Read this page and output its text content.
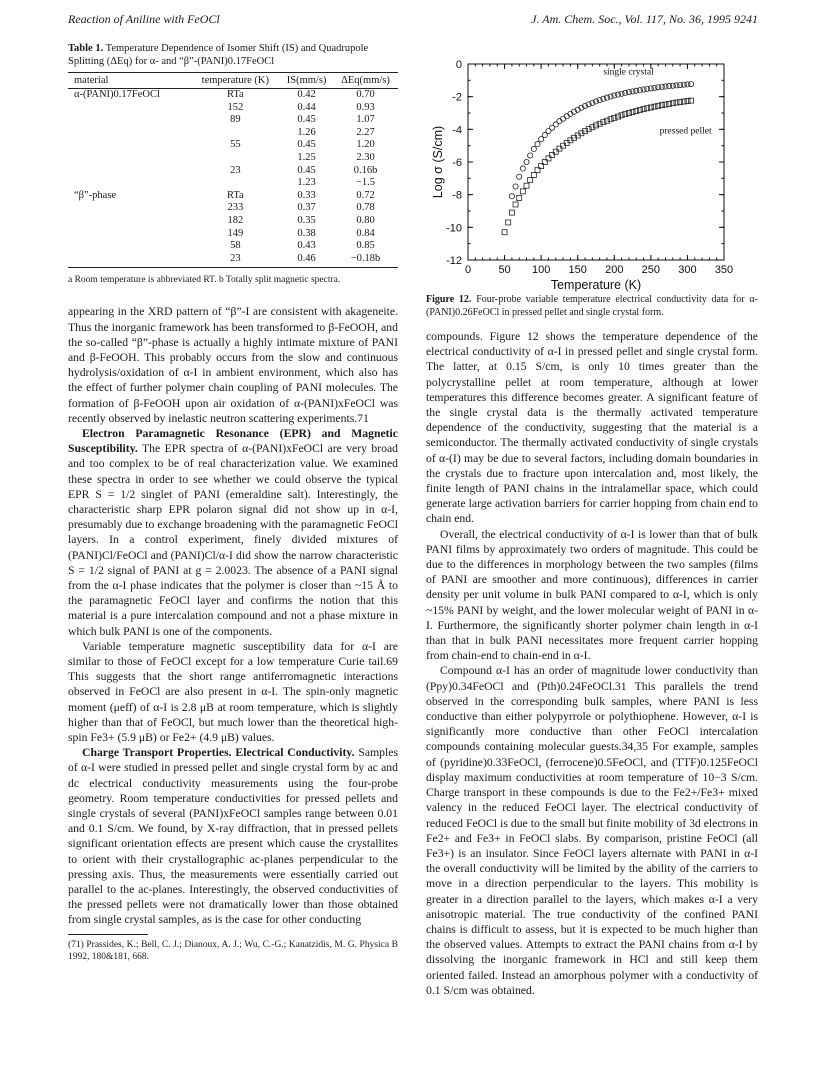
Reaction of Aniline with FeOCl	J. Am. Chem. Soc., Vol. 117, No. 36, 1995 9241
Table 1. Temperature Dependence of Isomer Shift (IS) and Quadrupole Splitting (ΔEq) for α- and “β”-(PANI)0.17FeOCl
material	temperature (K)	IS(mm/s)	ΔEq(mm/s)
α-(PANI)0.17FeOCl	RTa	0.42	0.70
	152	0.44	0.93
	89	0.45	1.07
		1.26	2.27
	55	0.45	1.20
		1.25	2.30
	23	0.45	0.16b
		1.23	−1.5
“β”-phase	RTa	0.33	0.72
	233	0.37	0.78
	182	0.35	0.80
	149	0.38	0.84
	58	0.43	0.85
	23	0.46	−0.18b
a Room temperature is abbreviated RT. b Totally split magnetic spectra.

appearing in the XRD pattern of “β”-I are consistent with akageneite. Thus the inorganic framework has been transformed to β-FeOOH, and the so-called “β”-phase is actually a highly intimate mixture of PANI and β-FeOOH. This probably occurs from the slow and continuous hydrolysis/oxidation of α-I in ambient environment, which also has the effect of further polymer chain coupling of PANI molecules. The formation of β-FeOOH upon air oxidation of α-(PANI)xFeOCl was recently observed by inelastic neutron scattering experiments.71

Electron Paramagnetic Resonance (EPR) and Magnetic Susceptibility. The EPR spectra of α-(PANI)xFeOCl are very broad and too complex to be of real characterization value. We examined these spectra in order to see whether we could observe the typical EPR S = 1/2 singlet of PANI (emeraldine salt). Interestingly, the characteristic sharp EPR polaron signal did not show up in α-I, presumably due to exchange broadening with the paramagnetic FeOCl layers. In a control experiment, finely divided mixtures of (PANI)Cl/FeOCl and (PANI)Cl/α-I did show the narrow characteristic S = 1/2 signal of PANI at g = 2.0023. The absence of a PANI signal from the α-I phase indicates that the polymer is closer than ~15 Å to the paramagnetic FeOCl layer and confirms the notion that this material is a pure intercalation compound and not a phase mixture in which bulk PANI is one of the components.

Variable temperature magnetic susceptibility data for α-I are similar to those of FeOCl except for a low temperature Curie tail.69 This suggests that the short range antiferromagnetic interactions observed in FeOCl are also present in α-I. The spin-only magnetic moment (μeff) of α-I is 2.8 μB at room temperature, which is slightly higher than that of FeOCl, but much lower than the theoretical high-spin Fe3+ (5.9 μB) or Fe2+ (4.9 μB) values.

Charge Transport Properties. Electrical Conductivity. Samples of α-I were studied in pressed pellet and single crystal form by ac and dc electrical conductivity measurements using the four-probe geometry. Room temperature conductivities for pressed pellets and single crystals of several (PANI)xFeOCl samples range between 0.01 and 0.1 S/cm. We found, by X-ray diffraction, that in pressed pellets significant orientation effects are present which cause the crystallites to orient with their crystallographic ac-planes perpendicular to the pressing axis. Thus, the measurements were essentially carried out parallel to the ac-planes. Interestingly, the observed conductivities of the pressed pellets were not dramatically lower than those obtained from single crystal samples, as is the case for other conducting

(71) Prassides, K.; Bell, C. J.; Dianoux, A. J.; Wu, C.-G.; Kanatzidis, M. G. Physica B 1992, 180&181, 668.
0 50 100 150 200 250 300 350
0
-2
-4
-6
-8
-10
-12
Temperature (K)
Log σ (S/cm)
single crystal
pressed pellet
Figure 12. Four-probe variable temperature electrical conductivity data for α-(PANI)0.26FeOCl in pressed pellet and single crystal form.

compounds. Figure 12 shows the temperature dependence of the electrical conductivity of α-I in pressed pellet and single crystal form. The latter, at 0.15 S/cm, is only 10 times greater than the polycrystalline pellet at room temperature, although at lower temperatures this difference becomes greater. A significant feature of the single crystal data is the thermally activated temperature dependence of the conductivity, suggesting that the material is a semiconductor. The thermally activated conductivity of single crystals of α-(I) may be due to several factors, including domain boundaries in the crystals due to fracture upon intercalation and, most likely, the finite length of PANI chains in the intralamellar space, which could generate large activation barriers for carrier hopping from chain end to chain end.

Overall, the electrical conductivity of α-I is lower than that of bulk PANI films by approximately two orders of magnitude. This could be due to the differences in morphology between the two samples (films of PANI are smoother and more continuous), differences in carrier density per unit volume in bulk PANI compared to α-I, which is only ~15% PANI by weight, and the lower molecular weight of PANI in α-I. Furthermore, the significantly shorter polymer chain length in α-I than that in bulk PANI necessitates more frequent carrier hopping from chain-end to chain-end in α-I.

Compound α-I has an order of magnitude lower conductivity than (Ppy)0.34FeOCl and (Pth)0.24FeOCl.31 This parallels the trend observed in the corresponding bulk samples, where PANI is less conductive than either polypyrrole or polythiophene. However, α-I is significantly more conductive than other FeOCl intercalation compounds containing molecular guests.34,35 For example, samples of (pyridine)0.33FeOCl, (ferrocene)0.5FeOCl, and (TTF)0.125FeOCl display maximum conductivities at room temperature of 10−3 S/cm. Charge transport in these compounds is due to the Fe2+/Fe3+ mixed valency in the reduced FeOCl layer. The electrical conductivity of reduced FeOCl is due to the small but finite mobility of 3d electrons in Fe2+ and Fe3+ in FeOCl slabs. By comparison, pristine FeOCl (all Fe3+) is an insulator. Since FeOCl layers alternate with PANI in α-I the overall conductivity will be limited by the ability of the carriers to move in a direction perpendicular to the layers. This mobility is greater in a direction parallel to the layers, which makes α-I a very anisotropic material. The true conductivity of the confined PANI chains is difficult to assess, but it is expected to be much higher than the observed values. Attempts to extract the PANI chains from α-I by dissolving the inorganic framework in HCl and still keep them oriented failed. Instead an amorphous polymer with a conductivity of 0.1 S/cm was obtained.
